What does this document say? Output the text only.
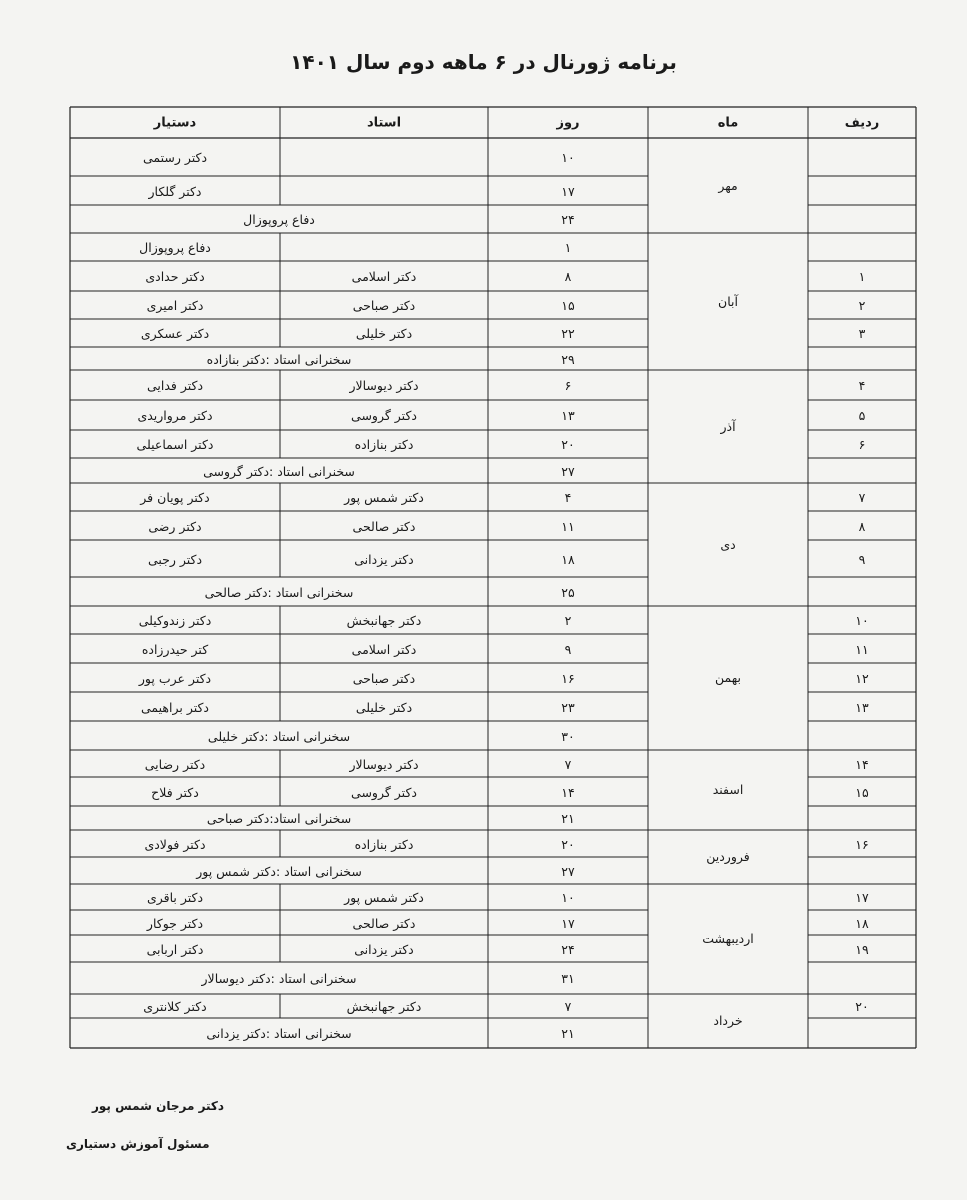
برنامه ژورنال در ۶ ماهه دوم سال ۱۴۰۱
ردیف
ماه
روز
استاد
دستیار
۱۰
دکتر رستمی
۱۷
دکتر گلکار
۲۴
دفاع پروپوزال
۱
دفاع پروپوزال
۱
۸
دکتر اسلامی
دکتر حدادی
۲
۱۵
دکتر صباحی
دکتر امیری
۳
۲۲
دکتر خلیلی
دکتر عسکری
۲۹
سخنرانی استاد :دکتر بنازاده
۴
۶
دکتر دیوسالار
دکتر فدایی
۵
۱۳
دکتر گروسی
دکتر مرواریدی
۶
۲۰
دکتر بنازاده
دکتر اسماعیلی
۲۷
سخنرانی استاد :دکتر گروسی
۷
۴
دکتر شمس پور
دکتر پویان فر
۸
۱۱
دکتر صالحی
دکتر رضی
۹
۱۸
دکتر یزدانی
دکتر رجبی
۲۵
سخنرانی استاد :دکتر صالحی
۱۰
۲
دکتر جهانبخش
دکتر زندوکیلی
۱۱
۹
دکتر اسلامی
کتر حیدرزاده
۱۲
۱۶
دکتر صباحی
دکتر عرب پور
۱۳
۲۳
دکتر خلیلی
دکتر براهیمی
۳۰
سخنرانی استاد :دکتر خلیلی
۱۴
۷
دکتر دیوسالار
دکتر رضایی
۱۵
۱۴
دکتر گروسی
دکتر فلاح
۲۱
سخنرانی استاد:دکتر صباحی
۱۶
۲۰
دکتر بنازاده
دکتر فولادی
۲۷
سخنرانی استاد :دکتر شمس پور
۱۷
۱۰
دکتر شمس پور
دکتر باقری
۱۸
۱۷
دکتر صالحی
دکتر جوکار
۱۹
۲۴
دکتر یزدانی
دکتر اربابی
۳۱
سخنرانی استاد :دکتر دیوسالار
۲۰
۷
دکتر جهانبخش
دکتر کلانتری
۲۱
سخنرانی استاد :دکتر یزدانی
مهر
آبان
آذر
دی
بهمن
اسفند
فروردین
اردیبهشت
خرداد
دکتر مرجان شمس پور
مسئول آموزش دستیاری
